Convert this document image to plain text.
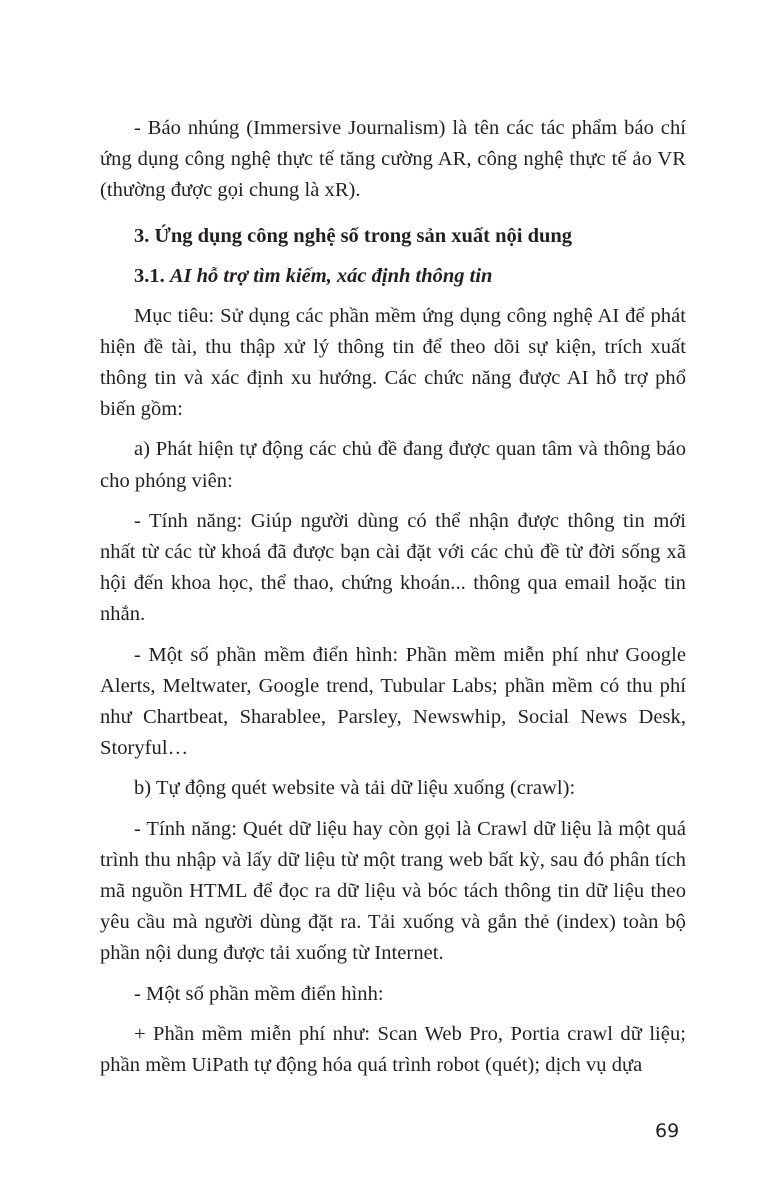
- Báo nhúng (Immersive Journalism) là tên các tác phẩm báo chí ứng dụng công nghệ thực tế tăng cường AR, công nghệ thực tế ảo VR (thường được gọi chung là xR).

3. Ứng dụng công nghệ số trong sản xuất nội dung
3.1. AI hỗ trợ tìm kiếm, xác định thông tin

Mục tiêu: Sử dụng các phần mềm ứng dụng công nghệ AI để phát hiện đề tài, thu thập xử lý thông tin để theo dõi sự kiện, trích xuất thông tin và xác định xu hướng. Các chức năng được AI hỗ trợ phổ biến gồm:

a) Phát hiện tự động các chủ đề đang được quan tâm và thông báo cho phóng viên:

- Tính năng: Giúp người dùng có thể nhận được thông tin mới nhất từ các từ khoá đã được bạn cài đặt với các chủ đề từ đời sống xã hội đến khoa học, thể thao, chứng khoán... thông qua email hoặc tin nhắn.

- Một số phần mềm điển hình: Phần mềm miễn phí như Google Alerts, Meltwater, Google trend, Tubular Labs; phần mềm có thu phí như Chartbeat, Sharablee, Parsley, Newswhip, Social News Desk, Storyful…

b) Tự động quét website và tải dữ liệu xuống (crawl):

- Tính năng: Quét dữ liệu hay còn gọi là Crawl dữ liệu là một quá trình thu nhập và lấy dữ liệu từ một trang web bất kỳ, sau đó phân tích mã nguồn HTML để đọc ra dữ liệu và bóc tách thông tin dữ liệu theo yêu cầu mà người dùng đặt ra. Tải xuống và gắn thẻ (index) toàn bộ phần nội dung được tải xuống từ Internet.

- Một số phần mềm điển hình:

+ Phần mềm miễn phí như: Scan Web Pro, Portia crawl dữ liệu; phần mềm UiPath tự động hóa quá trình robot (quét); dịch vụ dựa

69
